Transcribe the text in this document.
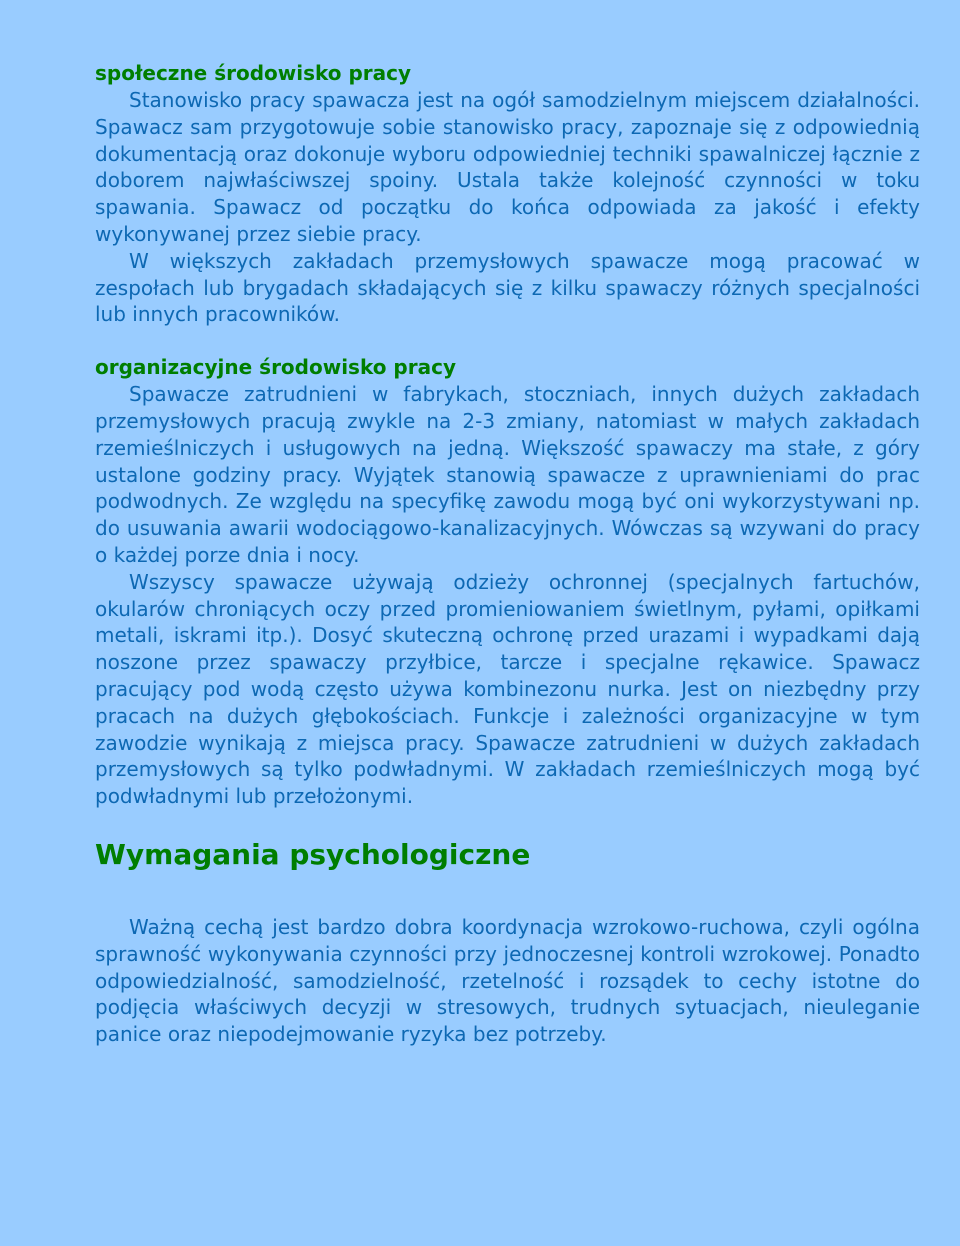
społeczne środowisko pracy

Stanowisko pracy spawacza jest na ogół samodzielnym miejscem działalności. Spawacz sam przygotowuje sobie stanowisko pracy, zapoznaje się z odpowiednią dokumentacją oraz dokonuje wyboru odpowiedniej techniki spawalniczej łącznie z doborem najwłaściwszej spoiny. Ustala także kolejność czynności w toku spawania. Spawacz od początku do końca odpowiada za jakość i efekty wykonywanej przez siebie pracy.

W większych zakładach przemysłowych spawacze mogą pracować w zespołach lub brygadach składających się z kilku spawaczy różnych specjalności lub innych pracowników.

organizacyjne środowisko pracy

Spawacze zatrudnieni w fabrykach, stoczniach, innych dużych zakładach przemysłowych pracują zwykle na 2-3 zmiany, natomiast w małych zakładach rzemieślniczych i usługowych na jedną. Większość spawaczy ma stałe, z góry ustalone godziny pracy. Wyjątek stanowią spawacze z uprawnieniami do prac podwodnych. Ze względu na specyfikę zawodu mogą być oni wykorzystywani np. do usuwania awarii wodociągowo-kanalizacyjnych. Wówczas są wzywani do pracy o każdej porze dnia i nocy.

Wszyscy spawacze używają odzieży ochronnej (specjalnych fartuchów, okularów chroniących oczy przed promieniowaniem świetlnym, pyłami, opiłkami metali, iskrami itp.). Dosyć skuteczną ochronę przed urazami i wypadkami dają noszone przez spawaczy przyłbice, tarcze i specjalne rękawice. Spawacz pracujący pod wodą często używa kombinezonu nurka. Jest on niezbędny przy pracach na dużych głębokościach. Funkcje i zależności organizacyjne w tym zawodzie wynikają z miejsca pracy. Spawacze zatrudnieni w dużych zakładach przemysłowych są tylko podwładnymi. W zakładach rzemieślniczych mogą być podwładnymi lub przełożonymi.

Wymagania psychologiczne

Ważną cechą jest bardzo dobra koordynacja wzrokowo-ruchowa, czyli ogólna sprawność wykonywania czynności przy jednoczesnej kontroli wzrokowej. Ponadto odpowiedzialność, samodzielność, rzetelność i rozsądek to cechy istotne do podjęcia właściwych decyzji w stresowych, trudnych sytuacjach, nieuleganie panice oraz niepodejmowanie ryzyka bez potrzeby.
